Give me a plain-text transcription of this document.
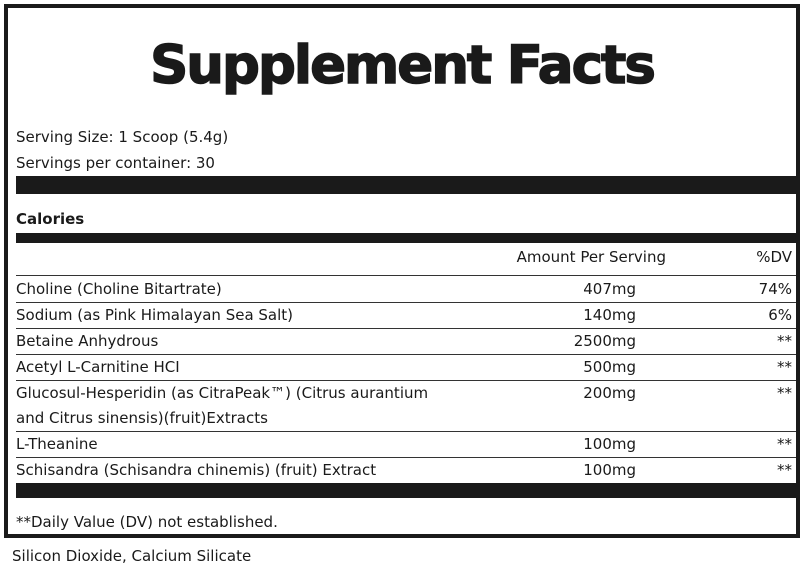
Supplement Facts
Serving Size: 1 Scoop (5.4g)
Servings per container: 30
Calories
Amount Per Serving	%DV
Choline (Choline Bitartrate)	407mg	74%
Sodium (as Pink Himalayan Sea Salt)	140mg	6%
Betaine Anhydrous	2500mg	**
Acetyl L-Carnitine HCI	500mg	**
Glucosul-Hesperidin (as CitraPeak™) (Citrus aurantium
and Citrus sinensis)(fruit)Extracts
200mg	**
L-Theanine	100mg	**
Schisandra (Schisandra chinemis) (fruit) Extract	100mg	**
**Daily Value (DV) not established.
Silicon Dioxide, Calcium Silicate
